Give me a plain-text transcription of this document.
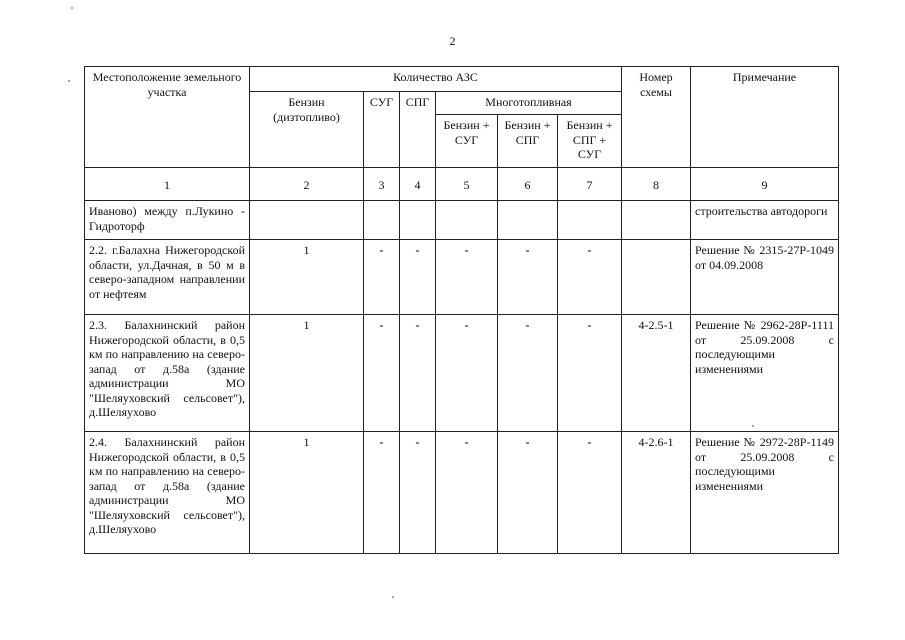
2
Местоположение земельного участка	Количество АЗС						Номер схемы	Примечание
	Бензин (дизтопливо)	СУГ	СПГ	Многотопливная				
				Бензин + СУГ	Бензин + СПГ	Бензин + СПГ + СУГ		
1	2	3	4	5	6	7	8	9
Иваново) между п.Лукино - Гидроторф								строительства автодороги
2.2. г.Балахна Нижегородской области, ул.Дачная, в 50 м в северо-западном направлении от нефтеям	1	-	-	-	-	-		Решение № 2315-27Р-1049 от 04.09.2008
2.3. Балахнинский район Нижегородской области, в 0,5 км по направлению на северо-запад от д.58а (здание администрации МО "Шеляуховский сельсовет"), д.Шеляухово	1	-	-	-	-	-	4-2.5-1	Решение № 2962-28Р-1111 от 25.09.2008 с последующими изменениями
2.4. Балахнинский район Нижегородской области, в 0,5 км по направлению на северо-запад от д.58а (здание администрации МО "Шеляуховский сельсовет"), д.Шеляухово	1	-	-	-	-	-	4-2.6-1	Решение № 2972-28Р-1149 от 25.09.2008 с последующими изменениями
